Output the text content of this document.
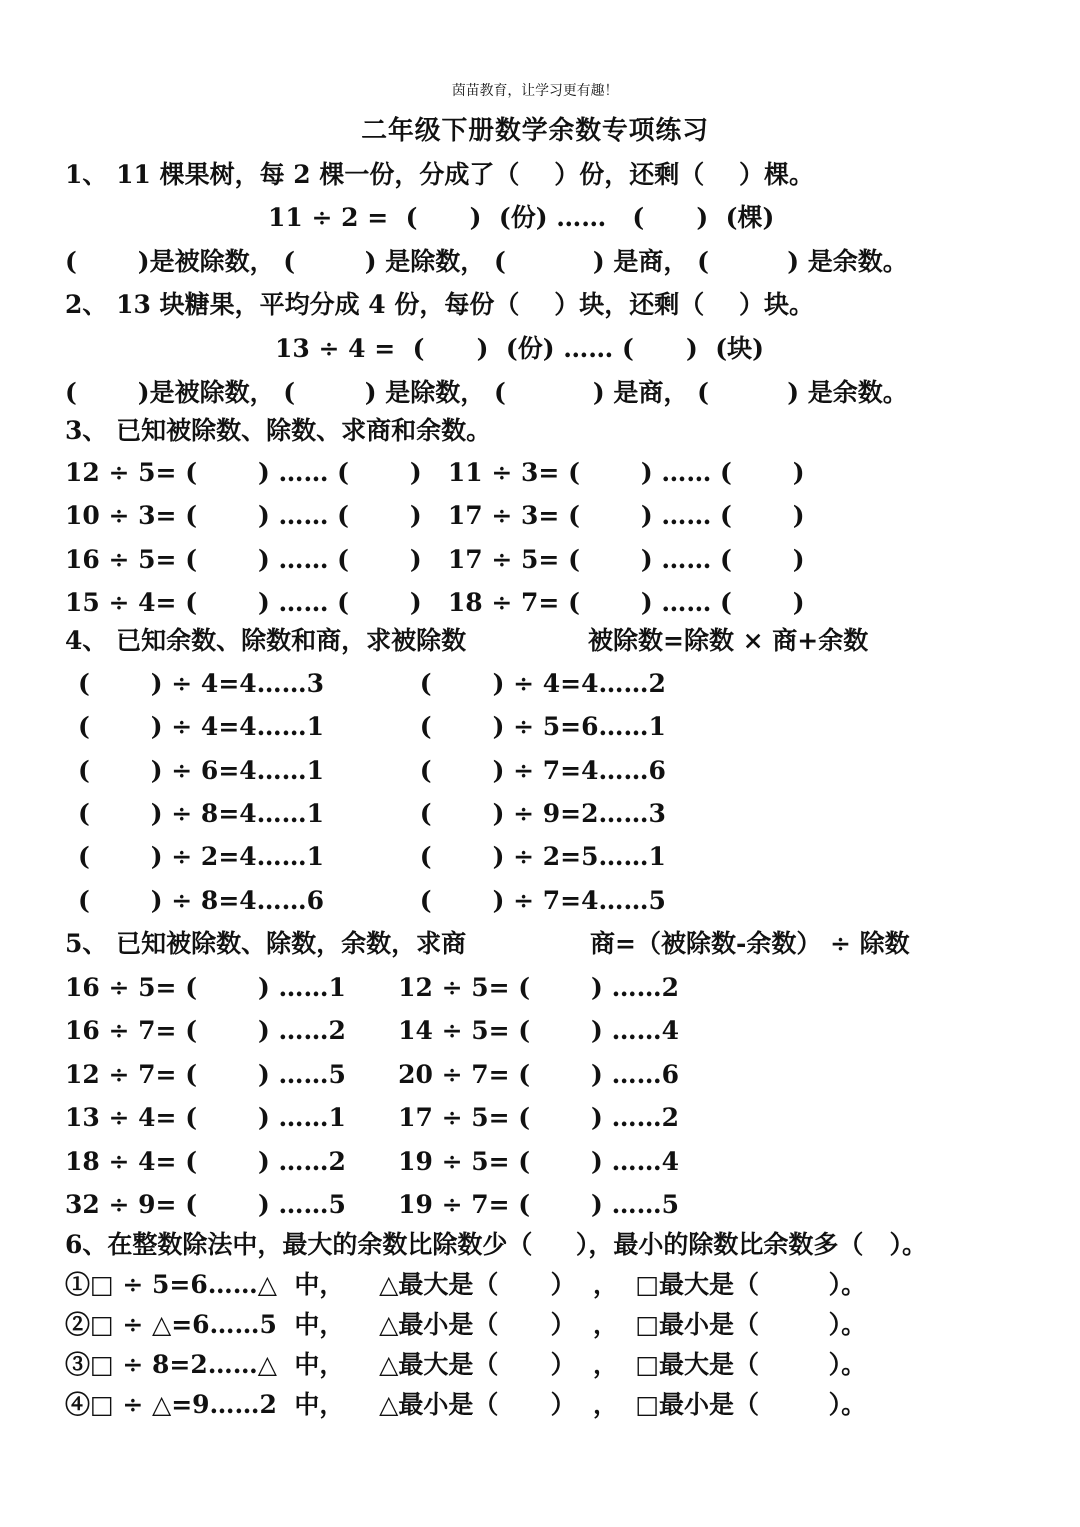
茵苗教育，让学习更有趣！
二年级下册数学余数专项练习
1、 11 棵果树，每 2 棵一份，分成了（    ）份，还剩（    ）棵。
11 ÷ 2 =  (      )  (份) ……   (      )  (棵)
(       )是被除数， (        ) 是除数， (          ) 是商， (         ) 是余数。
2、 13 块糖果，平均分成 4 份，每份（    ）块，还剩（    ）块。
13 ÷ 4 =  (      )  (份) …… (      )  (块)
(       )是被除数， (        ) 是除数， (          ) 是商， (         ) 是余数。
3、 已知被除数、除数、求商和余数。
12 ÷ 5= (       ) …… (       )   11 ÷ 3= (       ) …… (       )
10 ÷ 3= (       ) …… (       )   17 ÷ 3= (       ) …… (       )
16 ÷ 5= (       ) …… (       )   17 ÷ 5= (       ) …… (       )
15 ÷ 4= (       ) …… (       )   18 ÷ 7= (       ) …… (       )
4、 已知余数、除数和商，求被除数	被除数=除数 × 商+余数
(       ) ÷ 4=4……3           (       ) ÷ 4=4……2
(       ) ÷ 4=4……1           (       ) ÷ 5=6……1
(       ) ÷ 6=4……1           (       ) ÷ 7=4……6
(       ) ÷ 8=4……1           (       ) ÷ 9=2……3
(       ) ÷ 2=4……1           (       ) ÷ 2=5……1
(       ) ÷ 8=4……6           (       ) ÷ 7=4……5
5、 已知被除数、除数，余数，求商	商=（被除数-余数） ÷ 除数
16 ÷ 5= (       ) ……1      12 ÷ 5= (       ) ……2
16 ÷ 7= (       ) ……2      14 ÷ 5= (       ) ……4
12 ÷ 7= (       ) ……5      20 ÷ 7= (       ) ……6
13 ÷ 4= (       ) ……1      17 ÷ 5= (       ) ……2
18 ÷ 4= (       ) ……2      19 ÷ 5= (       ) ……4
32 ÷ 9= (       ) ……5      19 ÷ 7= (       ) ……5
6、在整数除法中，最大的余数比除数少（     ），最小的除数比余数多（   ）。
①□ ÷ 5=6……△  中，    △最大是（      ）  ，  □最大是（        ）。
②□ ÷ △=6……5  中，    △最小是（      ）  ，  □最小是（        ）。
③□ ÷ 8=2……△  中，    △最大是（      ）  ，  □最大是（        ）。
④□ ÷ △=9……2  中，    △最小是（      ）  ，  □最小是（        ）。
